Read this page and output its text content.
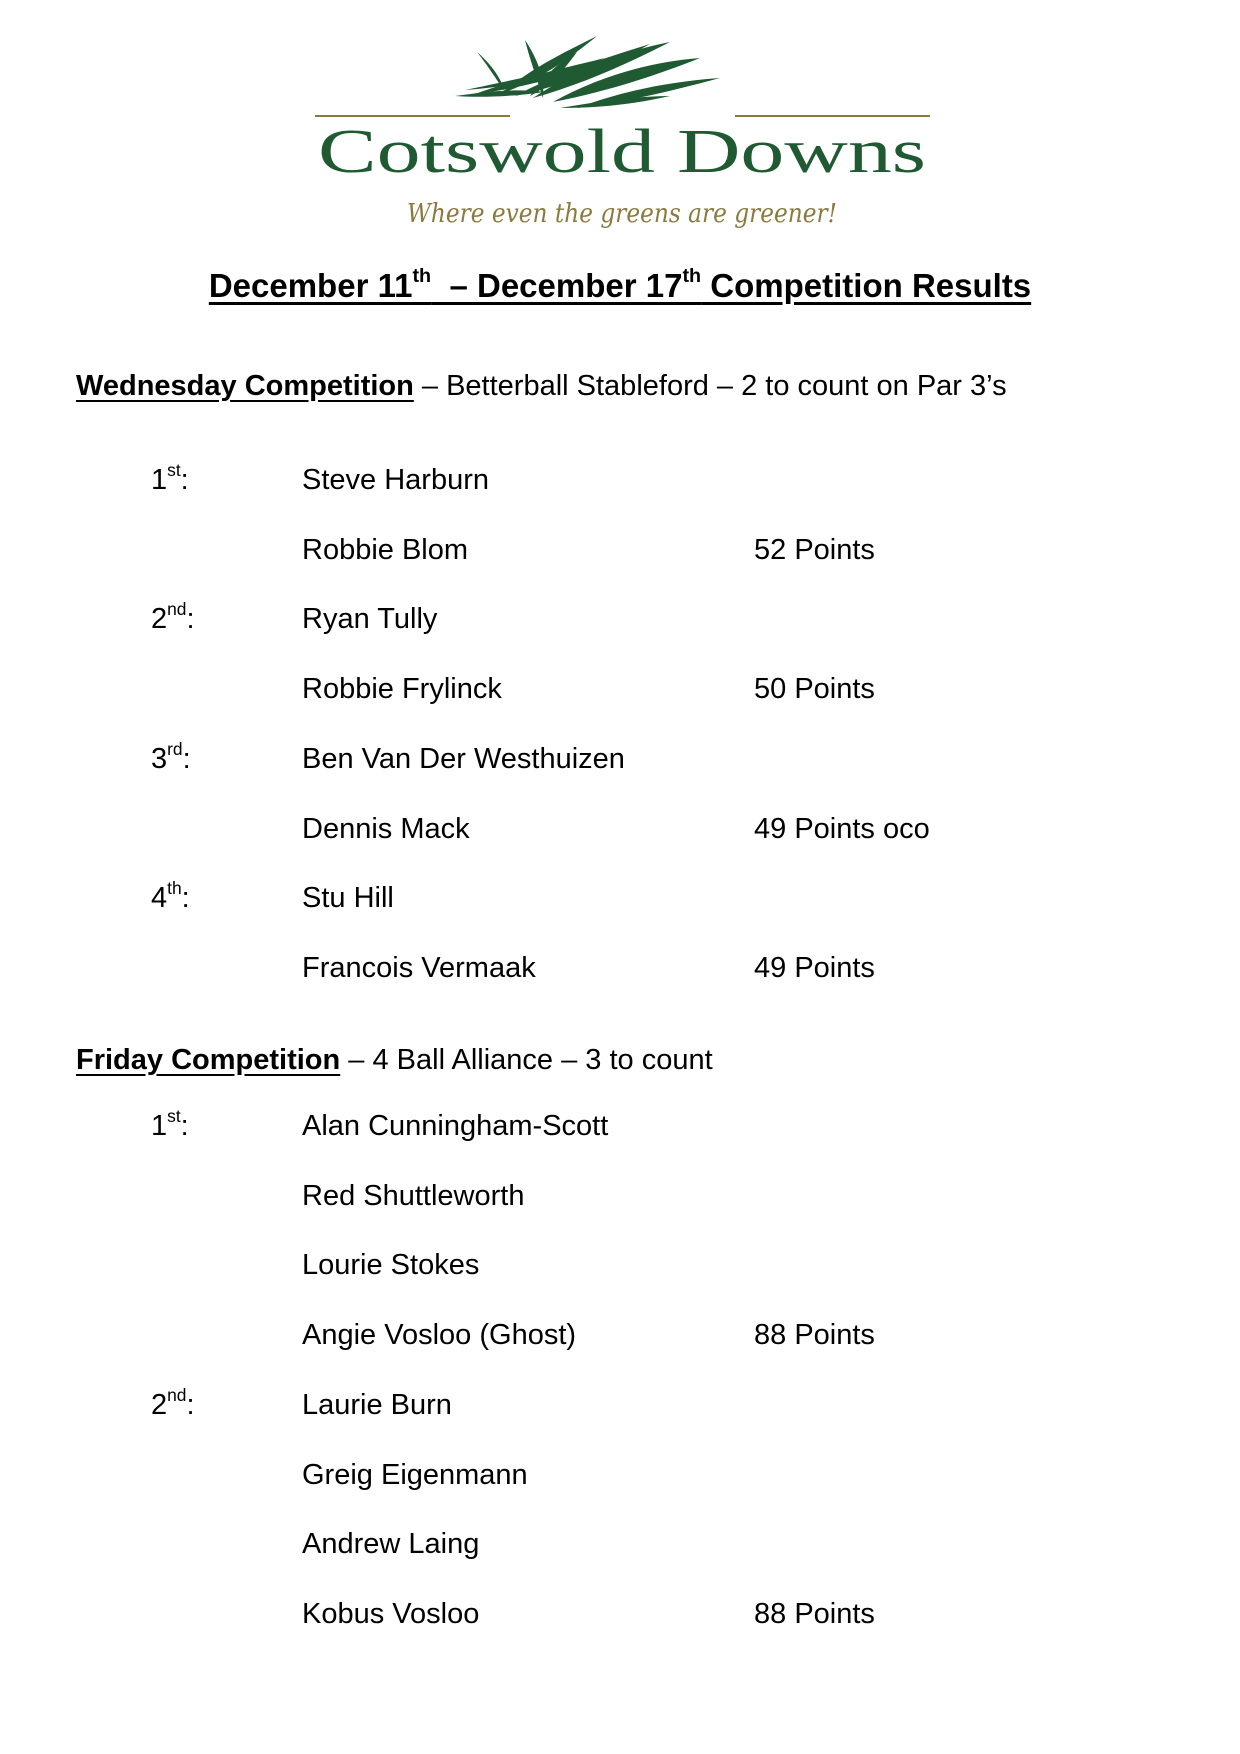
Cotswold Downs
Where even the greens are greener!
December 11th  – December 17th Competition Results
Wednesday Competition – Betterball Stableford – 2 to count on Par 3’s
1st:	Steve Harburn
Robbie Blom	52 Points
2nd:	Ryan Tully
Robbie Frylinck	50 Points
3rd:	Ben Van Der Westhuizen
Dennis Mack	49 Points oco
4th:	Stu Hill
Francois Vermaak	49 Points
Friday Competition – 4 Ball Alliance – 3 to count
1st:	Alan Cunningham-Scott
Red Shuttleworth
Lourie Stokes
Angie Vosloo (Ghost)	88 Points
2nd:	Laurie Burn
Greig Eigenmann
Andrew Laing
Kobus Vosloo	88 Points
